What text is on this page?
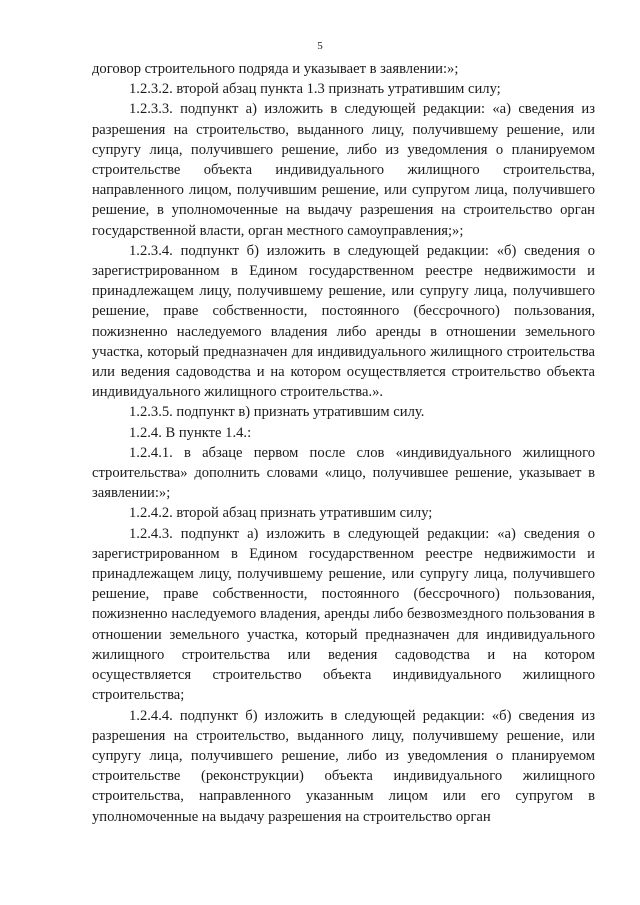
5

договор строительного подряда и указывает в заявлении:»;

1.2.3.2. второй абзац пункта 1.3 признать утратившим силу;

1.2.3.3. подпункт а) изложить в следующей редакции: «а) сведения из разрешения на строительство, выданного лицу, получившему решение, или супругу лица, получившего решение, либо из уведомления о планируемом строительстве объекта индивидуального жилищного строительства, направленного лицом, получившим решение, или супругом лица, получившего решение, в уполномоченные на выдачу разрешения на строительство орган государственной власти, орган местного самоуправления;»;

1.2.3.4. подпункт б) изложить в следующей редакции: «б) сведения о зарегистрированном в Едином государственном реестре недвижимости и принадлежащем лицу, получившему решение, или супругу лица, получившего решение, праве собственности, постоянного (бессрочного) пользования, пожизненно наследуемого владения либо аренды в отношении земельного участка, который предназначен для индивидуального жилищного строительства или ведения садоводства и на котором осуществляется строительство объекта индивидуального жилищного строительства.».

1.2.3.5. подпункт в) признать утратившим силу.

1.2.4. В пункте 1.4.:

1.2.4.1. в абзаце первом после слов «индивидуального жилищного строительства» дополнить словами «лицо, получившее решение, указывает в заявлении:»;

1.2.4.2. второй абзац признать утратившим силу;

1.2.4.3. подпункт а) изложить в следующей редакции: «а) сведения о зарегистрированном в Едином государственном реестре недвижимости и принадлежащем лицу, получившему решение, или супругу лица, получившего решение, праве собственности, постоянного (бессрочного) пользования, пожизненно наследуемого владения, аренды либо безвозмездного пользования в отношении земельного участка, который предназначен для индивидуального жилищного строительства или ведения садоводства и на котором осуществляется строительство объекта индивидуального жилищного строительства;

1.2.4.4. подпункт б) изложить в следующей редакции: «б) сведения из разрешения на строительство, выданного лицу, получившему решение, или супругу лица, получившего решение, либо из уведомления о планируемом строительстве (реконструкции) объекта индивидуального жилищного строительства, направленного указанным лицом или его супругом в уполномоченные на выдачу разрешения на строительство орган
